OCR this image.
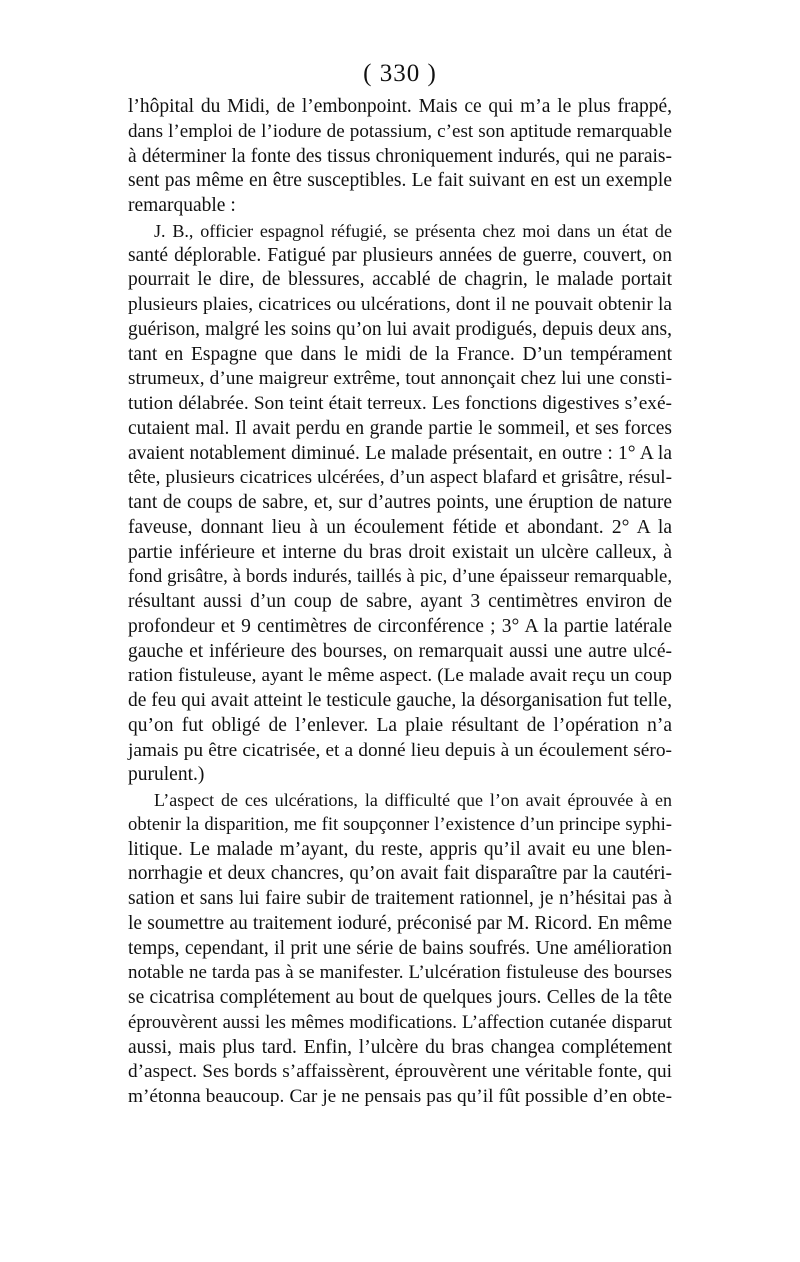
( 330 )
l’hôpital du Midi, de l’embonpoint. Mais ce qui m’a le plus frappé,
dans l’emploi de l’iodure de potassium, c’est son aptitude remarquable
à déterminer la fonte des tissus chroniquement indurés, qui ne parais-
sent pas même en être susceptibles. Le fait suivant en est un exemple
remarquable :
J. B., officier espagnol réfugié, se présenta chez moi dans un état de
santé déplorable. Fatigué par plusieurs années de guerre, couvert, on
pourrait le dire, de blessures, accablé de chagrin, le malade portait
plusieurs plaies, cicatrices ou ulcérations, dont il ne pouvait obtenir la
guérison, malgré les soins qu’on lui avait prodigués, depuis deux ans,
tant en Espagne que dans le midi de la France. D’un tempérament
strumeux, d’une maigreur extrême, tout annonçait chez lui une consti-
tution délabrée. Son teint était terreux. Les fonctions digestives s’exé-
cutaient mal. Il avait perdu en grande partie le sommeil, et ses forces
avaient notablement diminué. Le malade présentait, en outre : 1° A la
tête, plusieurs cicatrices ulcérées, d’un aspect blafard et grisâtre, résul-
tant de coups de sabre, et, sur d’autres points, une éruption de nature
faveuse, donnant lieu à un écoulement fétide et abondant. 2° A la
partie inférieure et interne du bras droit existait un ulcère calleux, à
fond grisâtre, à bords indurés, taillés à pic, d’une épaisseur remarquable,
résultant aussi d’un coup de sabre, ayant 3 centimètres environ de
profondeur et 9 centimètres de circonférence ; 3° A la partie latérale
gauche et inférieure des bourses, on remarquait aussi une autre ulcé-
ration fistuleuse, ayant le même aspect. (Le malade avait reçu un coup
de feu qui avait atteint le testicule gauche, la désorganisation fut telle,
qu’on fut obligé de l’enlever. La plaie résultant de l’opération n’a
jamais pu être cicatrisée, et a donné lieu depuis à un écoulement séro-
purulent.)
L’aspect de ces ulcérations, la difficulté que l’on avait éprouvée à en
obtenir la disparition, me fit soupçonner l’existence d’un principe syphi-
litique. Le malade m’ayant, du reste, appris qu’il avait eu une blen-
norrhagie et deux chancres, qu’on avait fait disparaître par la cautéri-
sation et sans lui faire subir de traitement rationnel, je n’hésitai pas à
le soumettre au traitement ioduré, préconisé par M. Ricord. En même
temps, cependant, il prit une série de bains soufrés. Une amélioration
notable ne tarda pas à se manifester. L’ulcération fistuleuse des bourses
se cicatrisa complétement au bout de quelques jours. Celles de la tête
éprouvèrent aussi les mêmes modifications. L’affection cutanée disparut
aussi, mais plus tard. Enfin, l’ulcère du bras changea complétement
d’aspect. Ses bords s’affaissèrent, éprouvèrent une véritable fonte, qui
m’étonna beaucoup. Car je ne pensais pas qu’il fût possible d’en obte-
